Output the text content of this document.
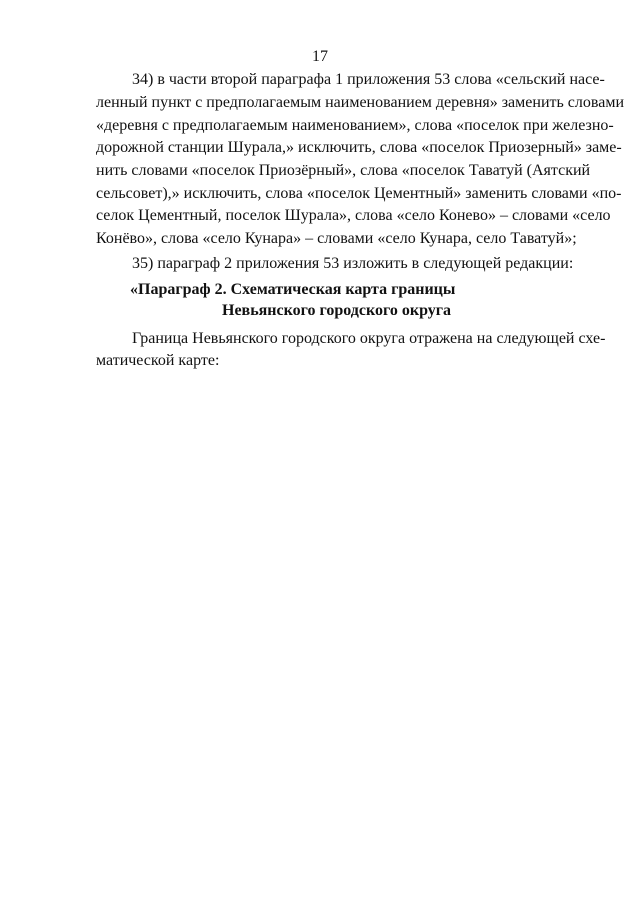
17
34) в части второй параграфа 1 приложения 53 слова «сельский насе-
ленный пункт с предполагаемым наименованием деревня» заменить словами
«деревня с предполагаемым наименованием», слова «поселок при железно-
дорожной станции Шурала,» исключить, слова «поселок Приозерный» заме-
нить словами «поселок Приозёрный», слова «поселок Таватуй (Аятский
сельсовет),» исключить, слова «поселок Цементный» заменить словами «по-
селок Цементный, поселок Шурала», слова «село Конево» – словами «село
Конёво», слова «село Кунара» – словами «село Кунара, село Таватуй»;
35) параграф 2 приложения 53 изложить в следующей редакции:
«Параграф 2. Схематическая карта границы
Невьянского городского округа
Граница Невьянского городского округа отражена на следующей схе-
матической карте:
